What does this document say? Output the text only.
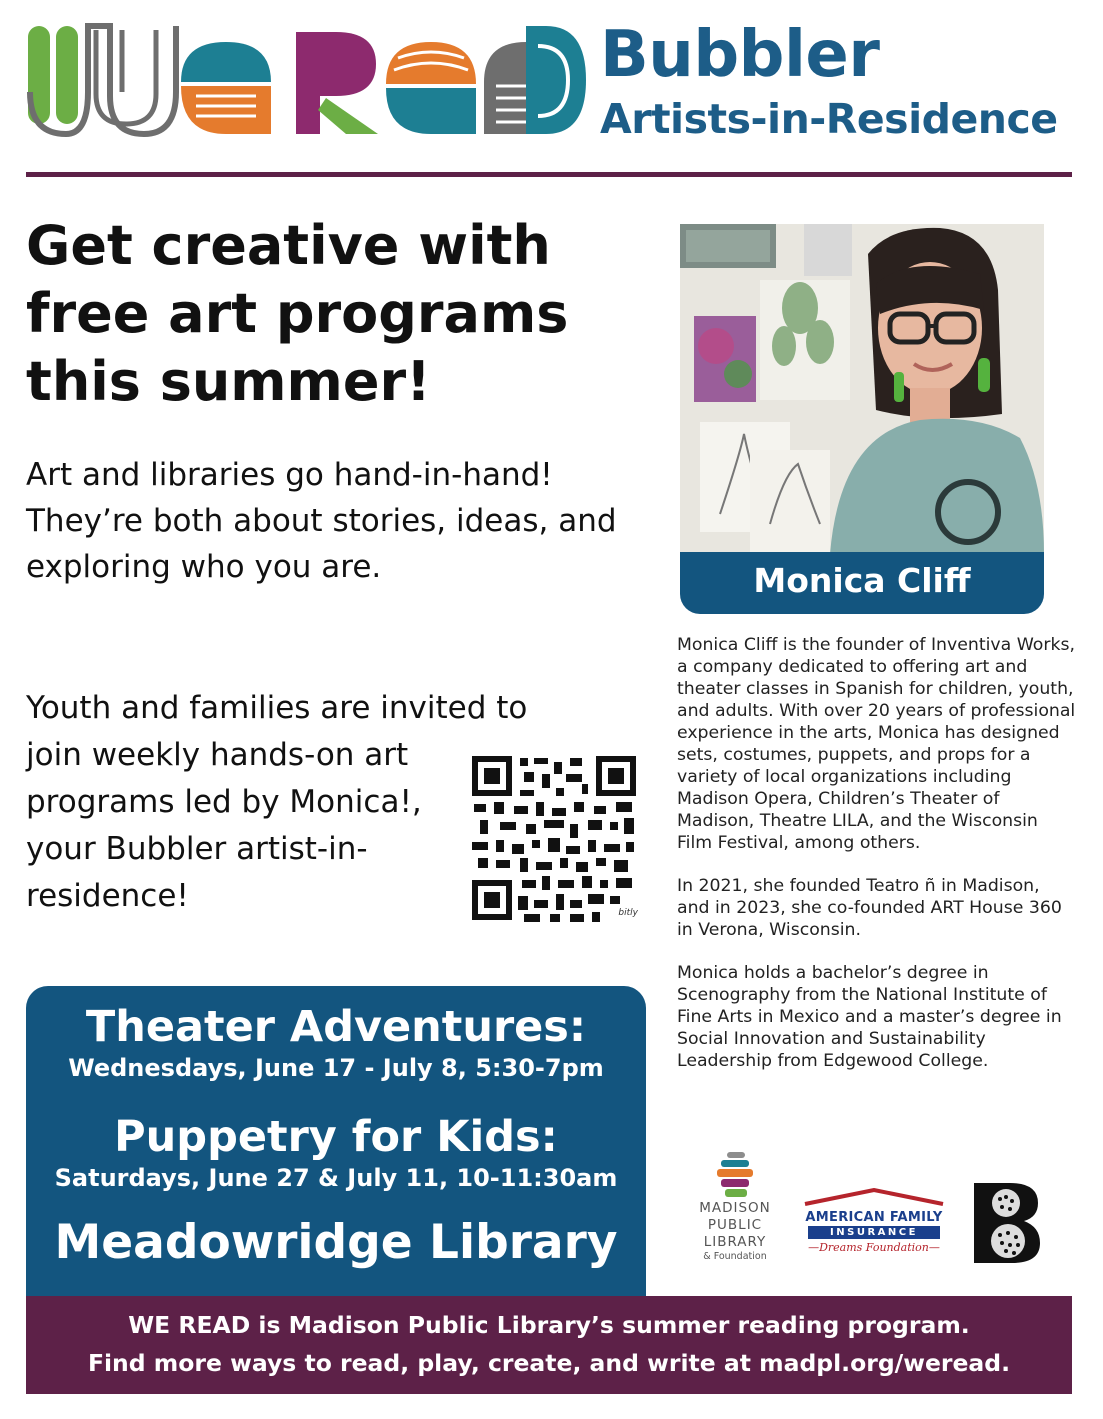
Bubbler
Artists-in-Residence
Get creative with
free art programs
this summer!
Art and libraries go hand-in-hand! They’re both about stories, ideas, and exploring who you are.
Youth and families are invited to
join weekly hands-on art programs led by Monica!, your Bubbler artist-in-residence!	bitly
Theater Adventures:
Wednesdays, June 17 - July 8, 5:30-7pm
Puppetry for Kids:
Saturdays, June 27 & July 11, 10-11:30am
Meadowridge Library
Monica Cliff

Monica Cliff is the founder of Inventiva Works, a company dedicated to offering art and theater classes in Spanish for children, youth, and adults. With over 20 years of professional experience in the arts, Monica has designed sets, costumes, puppets, and props for a variety of local organizations including Madison Opera, Children’s Theater of Madison, Theatre LILA, and the Wisconsin Film Festival, among others.

In 2021, she founded Teatro ñ in Madison, and in 2023, she co-founded ART House 360 in Verona, Wisconsin.

Monica holds a bachelor’s degree in Scenography from the National Institute of Fine Arts in Mexico and a master’s degree in Social Innovation and Sustainability Leadership from Edgewood College.

MADISON
PUBLIC
LIBRARY
& Foundation
AMERICAN FAMILY
INSURANCE
—Dreams Foundation—
WE READ is Madison Public Library’s summer reading program.
Find more ways to read, play, create, and write at madpl.org/weread.
